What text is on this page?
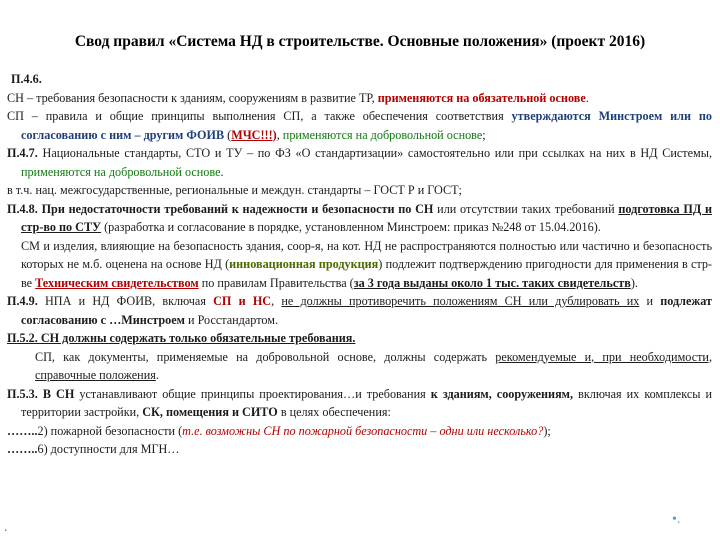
Свод правил «Система НД в строительстве. Основные положения» (проект 2016)

П.4.6.

СН – требования безопасности к зданиям, сооружениям в развитие ТР, применяются на обязательной основе.

СП – правила и общие принципы выполнения СП, а также обеспечения соответствия утверждаются Минстроем или по согласованию с ним – другим ФОИВ (МЧС!!!), применяются на добровольной основе;

П.4.7. Национальные стандарты, СТО и ТУ – по ФЗ «О стандартизации» самостоятельно или при ссылках на них в НД Системы, применяются на добровольной основе.

в т.ч. нац. межгосударственные, региональные и междун. стандарты – ГОСТ Р и ГОСТ;

П.4.8. При недостаточности требований к надежности и безопасности по СН или отсутствии таких требований подготовка ПД и стр-во по СТУ (разработка и согласование в порядке, установленном Минстроем: приказ №248 от 15.04.2016).

СМ и изделия, влияющие на безопасность здания, соор-я, на кот. НД не распространяются полностью или частично и безопасность которых не м.б. оценена на основе НД (инновационная продукция) подлежит подтверждению пригодности для применения в стр-ве Техническим свидетельством по правилам Правительства (за 3 года выданы около 1 тыс. таких свидетельств).

П.4.9. НПА и НД ФОИВ, включая СП и НС, не должны противоречить положениям СН или дублировать их и подлежат согласованию с …Минстроем и Росстандартом.

П.5.2. СН должны содержать только обязательные требования.

СП, как документы, применяемые на добровольной основе, должны содержать рекомендуемые и, при необходимости, справочные положения.

П.5.3. В СН устанавливают общие принципы проектирования…и требования к зданиям, сооружениям, включая их комплексы и территории застройки, СК, помещения и СИТО в целях обеспечения:

……..2) пожарной безопасности (т.е. возможны СН по пожарной безопасности – одни или несколько?);

……..6) доступности для МГН…

•.
.
